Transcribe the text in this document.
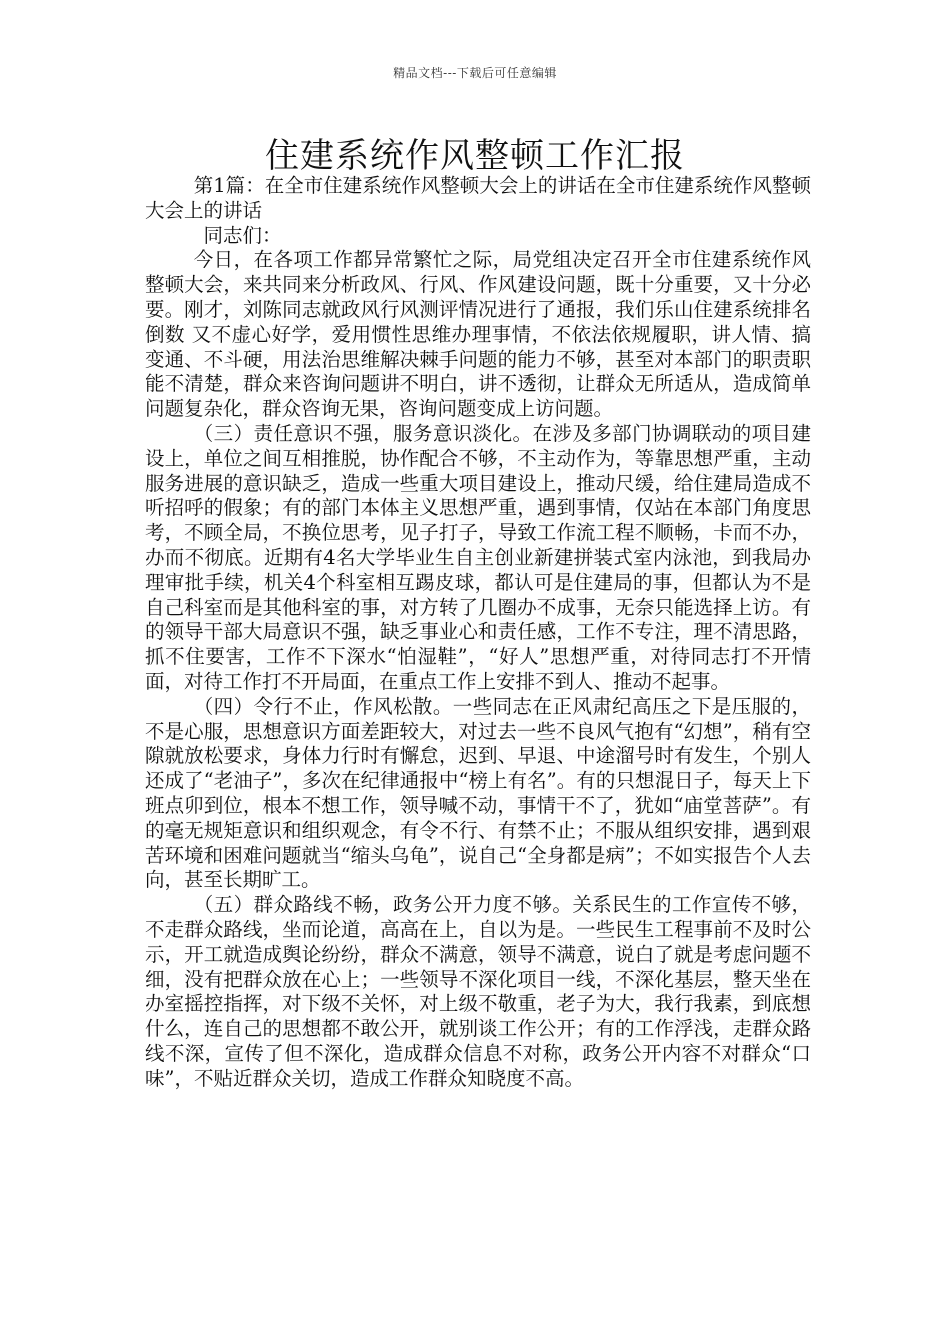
精品文档---下载后可任意编辑
住建系统作风整顿工作汇报

第1篇：在全市住建系统作风整顿大会上的讲话在全市住建系统作风整顿大会上的讲话

同志们：

今日，在各项工作都异常繁忙之际，局党组决定召开全市住建系统作风整顿大会，来共同来分析政风、行风、作风建设问题，既十分重要，又十分必要。刚才，刘陈同志就政风行风测评情况进行了通报，我们乐山住建系统排名倒数 又不虚心好学，爱用惯性思维办理事情，不依法依规履职，讲人情、搞变通、不斗硬，用法治思维解决棘手问题的能力不够，甚至对本部门的职责职能不清楚，群众来咨询问题讲不明白，讲不透彻，让群众无所适从，造成简单问题复杂化，群众咨询无果，咨询问题变成上访问题。

（三）责任意识不强，服务意识淡化。在涉及多部门协调联动的项目建设上，单位之间互相推脱，协作配合不够，不主动作为，等靠思想严重，主动服务进展的意识缺乏，造成一些重大项目建设上，推动尺缓，给住建局造成不听招呼的假象；有的部门本体主义思想严重，遇到事情，仅站在本部门角度思考，不顾全局，不换位思考，见子打子，导致工作流工程不顺畅，卡而不办，办而不彻底。近期有4名大学毕业生自主创业新建拼装式室内泳池，到我局办理审批手续，机关4个科室相互踢皮球，都认可是住建局的事，但都认为不是自己科室而是其他科室的事，对方转了几圈办不成事，无奈只能选择上访。有的领导干部大局意识不强，缺乏事业心和责任感，工作不专注，理不清思路，抓不住要害，工作不下深水“怕湿鞋”，“好人”思想严重，对待同志打不开情面，对待工作打不开局面，在重点工作上安排不到人、推动不起事。

（四）令行不止，作风松散。一些同志在正风肃纪高压之下是压服的，不是心服，思想意识方面差距较大，对过去一些不良风气抱有“幻想”，稍有空隙就放松要求，身体力行时有懈怠，迟到、早退、中途溜号时有发生，个别人还成了“老油子”，多次在纪律通报中“榜上有名”。有的只想混日子，每天上下班点卯到位，根本不想工作，领导喊不动，事情干不了，犹如“庙堂菩萨”。有的毫无规矩意识和组织观念，有令不行、有禁不止；不服从组织安排，遇到艰苦环境和困难问题就当“缩头乌龟”，说自己“全身都是病”；不如实报告个人去向，甚至长期旷工。

（五）群众路线不畅，政务公开力度不够。关系民生的工作宣传不够，不走群众路线，坐而论道，高高在上，自以为是。一些民生工程事前不及时公示，开工就造成舆论纷纷，群众不满意，领导不满意，说白了就是考虑问题不细，没有把群众放在心上；一些领导不深化项目一线，不深化基层，整天坐在办室摇控指挥，对下级不关怀，对上级不敬重，老子为大，我行我素，到底想什么，连自己的思想都不敢公开，就别谈工作公开；有的工作浮浅，走群众路线不深，宣传了但不深化，造成群众信息不对称，政务公开内容不对群众“口味”，不贴近群众关切，造成工作群众知晓度不高。
